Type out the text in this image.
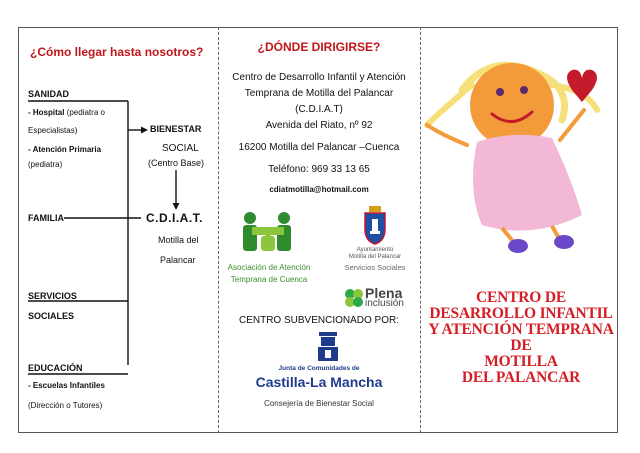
¿Cómo llegar hasta nosotros?
SANIDAD
- Hospital (pediatra o
Especialistas)
- Atención Primaria
(pediatra)
BIENESTAR
SOCIAL
(Centro Base)
FAMILIA	C.D.I.A.T.
Motilla del
Palancar
SERVICIOS
SOCIALES
EDUCACIÓN
- Escuelas Infantiles
(Dirección o Tutores)
¿DÓNDE DIRIGIRSE?
Centro de Desarrollo Infantil y Atención
Temprana de Motilla del Palancar
(C.D.I.A.T)
Avenida del Riato, nº 92
16200 Motilla del Palancar –Cuenca
Teléfono: 969 33 13 65
cdiatmotilla@hotmail.com
Asociación de Atención
Temprana de Cuenca
Ayuntamiento
Motilla del Palancar
Servicios Sociales
Plena
inclusión
CENTRO SUBVENCIONADO POR:
Junta de Comunidades de
Castilla-La Mancha
Consejería de Bienestar Social
CENTRO DE
DESARROLLO INFANTIL
Y ATENCIÓN TEMPRANA
DE
MOTILLA
DEL PALANCAR
